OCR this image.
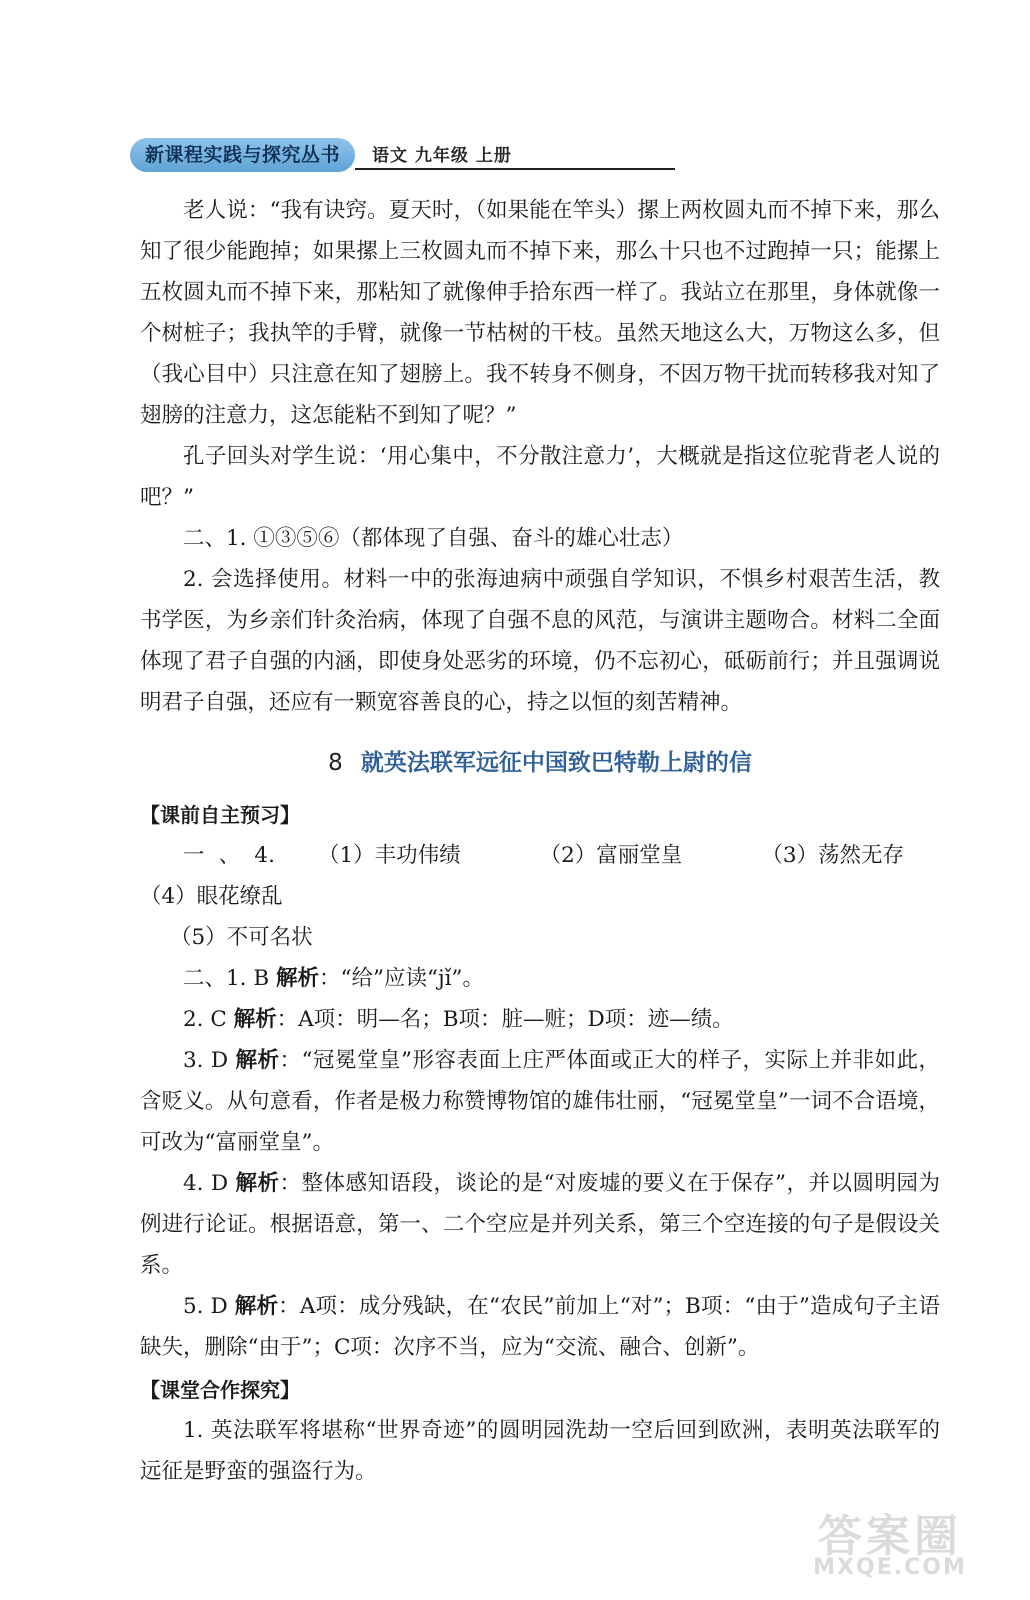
新课程实践与探究丛书	语文 九年级 上册

老人说：“我有诀窍。夏天时，（如果能在竿头）摞上两枚圆丸而不掉下来，那么知了很少能跑掉；如果摞上三枚圆丸而不掉下来，那么十只也不过跑掉一只；能摞上五枚圆丸而不掉下来，那粘知了就像伸手拾东西一样了。我站立在那里，身体就像一个树桩子；我执竿的手臂，就像一节枯树的干枝。虽然天地这么大，万物这么多，但（我心目中）只注意在知了翅膀上。我不转身不侧身，不因万物干扰而转移我对知了翅膀的注意力，这怎能粘不到知了呢？”

孔子回头对学生说：‘用心集中，不分散注意力’，大概就是指这位驼背老人说的吧？”

二、1. ①③⑤⑥（都体现了自强、奋斗的雄心壮志）

2. 会选择使用。材料一中的张海迪病中顽强自学知识，不惧乡村艰苦生活，教书学医，为乡亲们针灸治病，体现了自强不息的风范，与演讲主题吻合。材料二全面体现了君子自强的内涵，即使身处恶劣的环境，仍不忘初心，砥砺前行；并且强调说明君子自强，还应有一颗宽容善良的心，持之以恒的刻苦精神。

8 就英法联军远征中国致巴特勒上尉的信
【课前自主预习】

一、4. （1）丰功伟绩	（2）富丽堂皇	（3）荡然无存（4）眼花缭乱

（5）不可名状

二、1. B 解析：“给”应读“jǐ”。

2. C 解析：A项：明—名；B项：脏—赃；D项：迹—绩。

3. D 解析：“冠冕堂皇”形容表面上庄严体面或正大的样子，实际上并非如此，含贬义。从句意看，作者是极力称赞博物馆的雄伟壮丽，“冠冕堂皇”一词不合语境，可改为“富丽堂皇”。

4. D 解析：整体感知语段，谈论的是“对废墟的要义在于保存”，并以圆明园为例进行论证。根据语意，第一、二个空应是并列关系，第三个空连接的句子是假设关系。

5. D 解析：A项：成分残缺，在“农民”前加上“对”；B项：“由于”造成句子主语缺失，删除“由于”；C项：次序不当，应为“交流、融合、创新”。

【课堂合作探究】

1. 英法联军将堪称“世界奇迹”的圆明园洗劫一空后回到欧洲，表明英法联军的远征是野蛮的强盗行为。

答案圈
MXQE.COM
